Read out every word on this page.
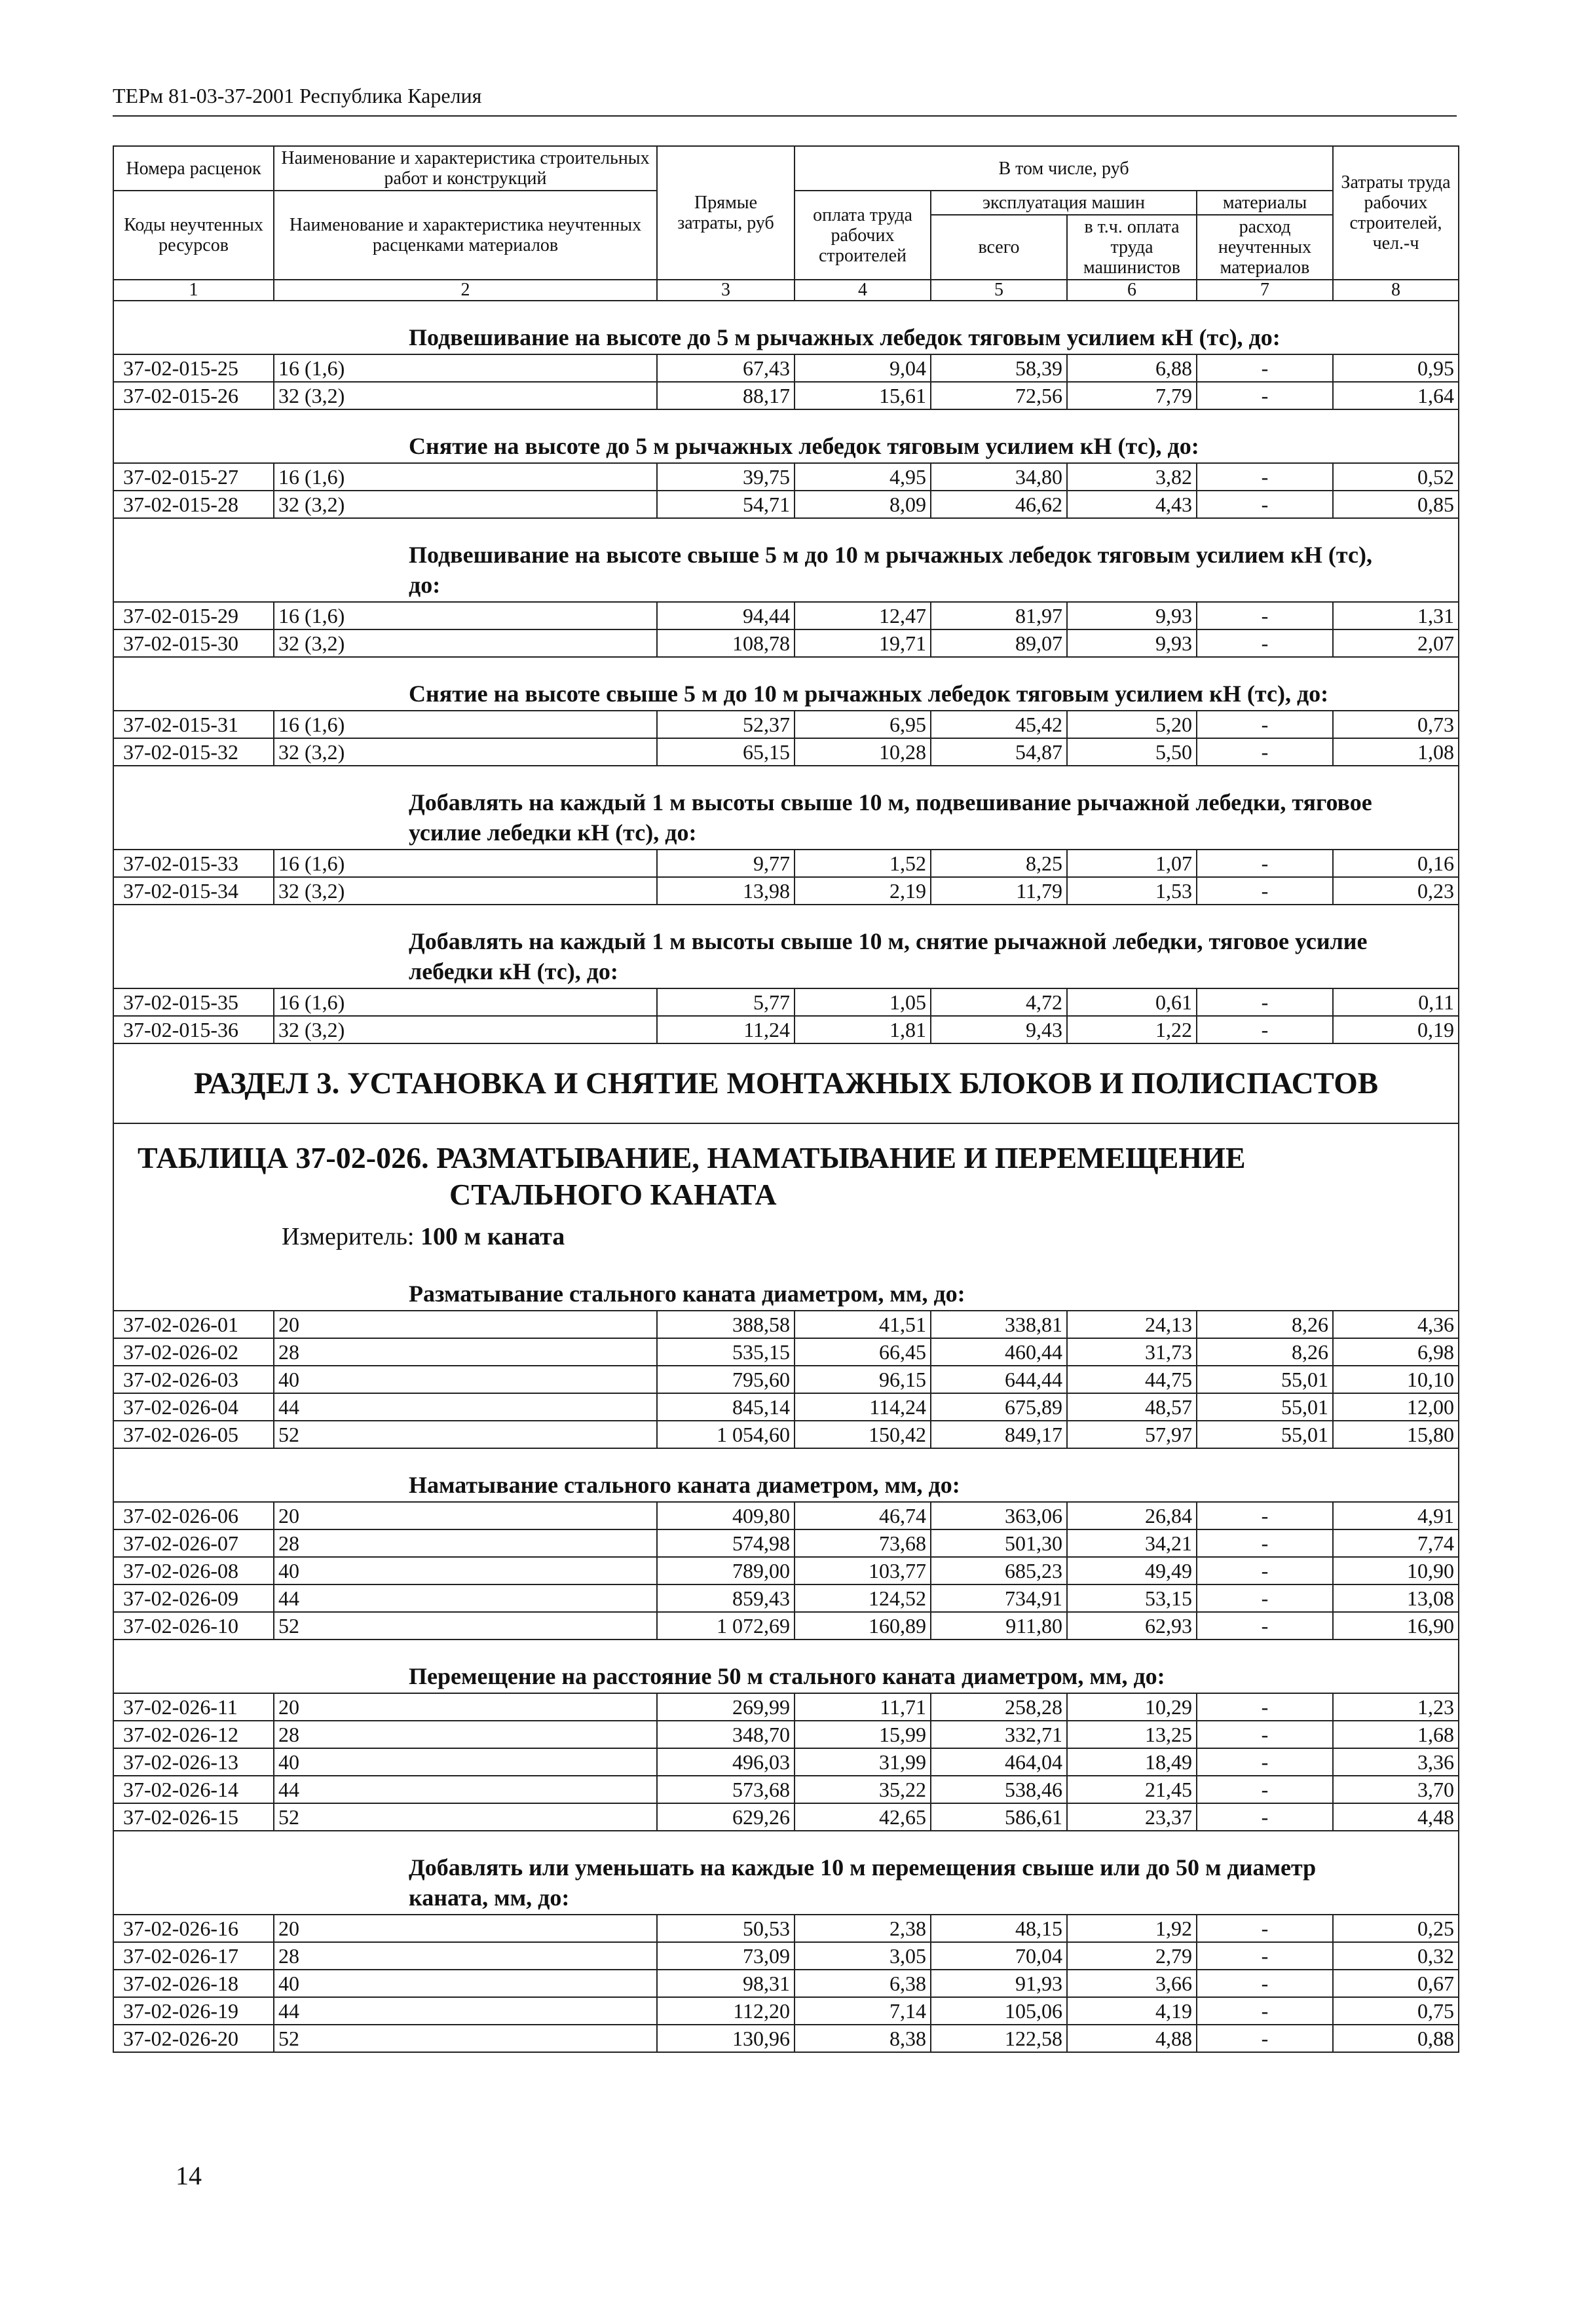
ТЕРм 81-03-37-2001 Республика Карелия
Номера расценок	Наименование и характеристика строительных работ и конструкций	Прямые затраты, руб	В том числе, руб				Затраты труда рабочих строителей, чел.-ч
Коды неучтенных ресурсов	Наименование и характеристика неучтенных расценками материалов		оплата труда рабочих строителей	эксплуатация машин		материалы	
				всего	в т.ч. оплата труда машинистов	расход неучтенных материалов	
1	2	3	4	5	6	7	8

Подвешивание на высоте до 5 м рычажных лебедок тяговым усилием кН (тс), до:							
37-02-015-25	16 (1,6)	67,43	9,04	58,39	6,88	-	0,95
37-02-015-26	32 (3,2)	88,17	15,61	72,56	7,79	-	1,64

Снятие на высоте до 5 м рычажных лебедок тяговым усилием кН (тс), до:							
37-02-015-27	16 (1,6)	39,75	4,95	34,80	3,82	-	0,52
37-02-015-28	32 (3,2)	54,71	8,09	46,62	4,43	-	0,85

Подвешивание на высоте свыше 5 м до 10 м рычажных лебедок тяговым усилием кН (тс), до:							
37-02-015-29	16 (1,6)	94,44	12,47	81,97	9,93	-	1,31
37-02-015-30	32 (3,2)	108,78	19,71	89,07	9,93	-	2,07

Снятие на высоте свыше 5 м до 10 м рычажных лебедок тяговым усилием кН (тс), до:							
37-02-015-31	16 (1,6)	52,37	6,95	45,42	5,20	-	0,73
37-02-015-32	32 (3,2)	65,15	10,28	54,87	5,50	-	1,08

Добавлять на каждый 1 м высоты свыше 10 м, подвешивание рычажной лебедки, тяговое усилие лебедки кН (тс), до:							
37-02-015-33	16 (1,6)	9,77	1,52	8,25	1,07	-	0,16
37-02-015-34	32 (3,2)	13,98	2,19	11,79	1,53	-	0,23

Добавлять на каждый 1 м высоты свыше 10 м, снятие рычажной лебедки, тяговое усилие лебедки кН (тс), до:							
37-02-015-35	16 (1,6)	5,77	1,05	4,72	0,61	-	0,11
37-02-015-36	32 (3,2)	11,24	1,81	9,43	1,22	-	0,19
РАЗДЕЛ 3. УСТАНОВКА И СНЯТИЕ МОНТАЖНЫХ БЛОКОВ И ПОЛИСПАСТОВ							

ТАБЛИЦА 37-02-026. РАЗМАТЫВАНИЕ, НАМАТЫВАНИЕ И ПЕРЕМЕЩЕНИЕ
СТАЛЬНОГО КАНАТА
Измеритель: 100 м каната							

Разматывание стального каната диаметром, мм, до:							
37-02-026-01	20	388,58	41,51	338,81	24,13	8,26	4,36
37-02-026-02	28	535,15	66,45	460,44	31,73	8,26	6,98
37-02-026-03	40	795,60	96,15	644,44	44,75	55,01	10,10
37-02-026-04	44	845,14	114,24	675,89	48,57	55,01	12,00
37-02-026-05	52	1 054,60	150,42	849,17	57,97	55,01	15,80

Наматывание стального каната диаметром, мм, до:							
37-02-026-06	20	409,80	46,74	363,06	26,84	-	4,91
37-02-026-07	28	574,98	73,68	501,30	34,21	-	7,74
37-02-026-08	40	789,00	103,77	685,23	49,49	-	10,90
37-02-026-09	44	859,43	124,52	734,91	53,15	-	13,08
37-02-026-10	52	1 072,69	160,89	911,80	62,93	-	16,90

Перемещение на расстояние 50 м стального каната диаметром, мм, до:							
37-02-026-11	20	269,99	11,71	258,28	10,29	-	1,23
37-02-026-12	28	348,70	15,99	332,71	13,25	-	1,68
37-02-026-13	40	496,03	31,99	464,04	18,49	-	3,36
37-02-026-14	44	573,68	35,22	538,46	21,45	-	3,70
37-02-026-15	52	629,26	42,65	586,61	23,37	-	4,48

Добавлять или уменьшать на каждые 10 м перемещения свыше или до 50 м диаметр каната, мм, до:							
37-02-026-16	20	50,53	2,38	48,15	1,92	-	0,25
37-02-026-17	28	73,09	3,05	70,04	2,79	-	0,32
37-02-026-18	40	98,31	6,38	91,93	3,66	-	0,67
37-02-026-19	44	112,20	7,14	105,06	4,19	-	0,75
37-02-026-20	52	130,96	8,38	122,58	4,88	-	0,88
14
